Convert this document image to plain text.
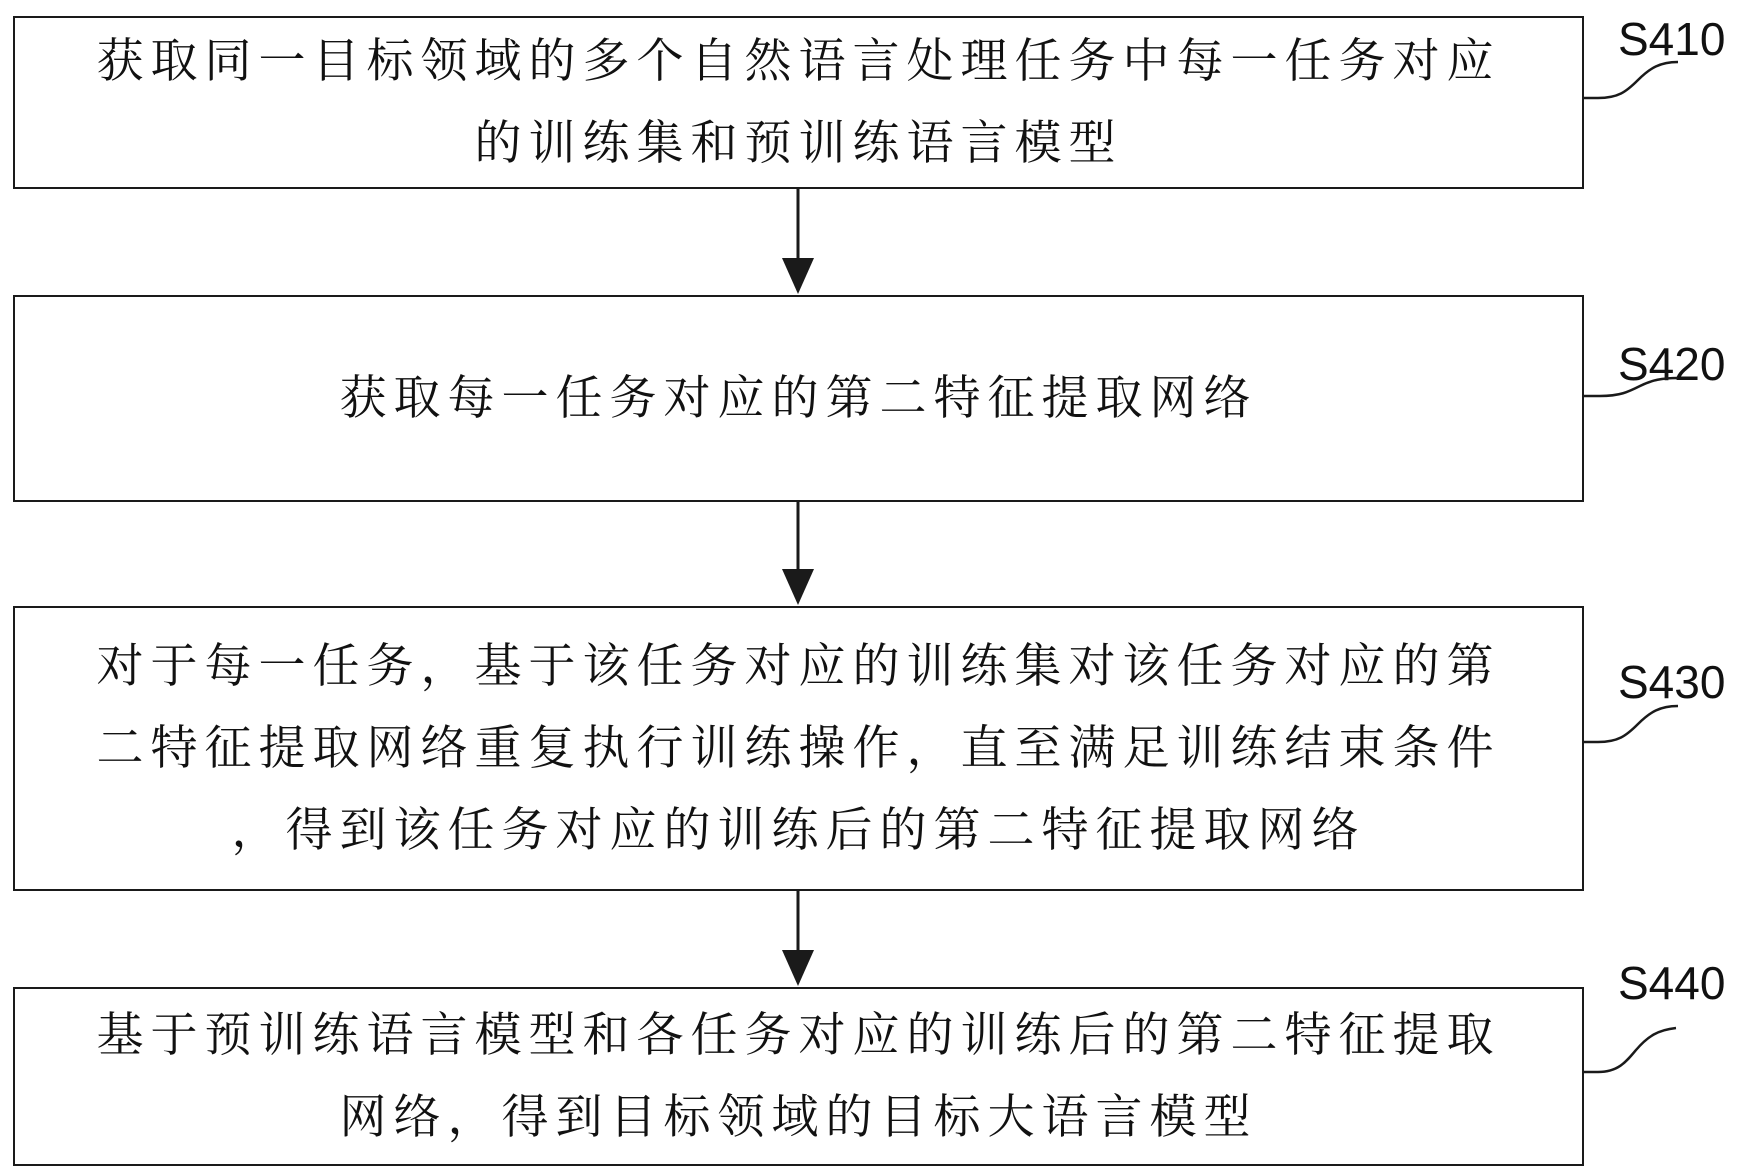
获取同一目标领域的多个自然语言处理任务中每一任务对应
的训练集和预训练语言模型
获取每一任务对应的第二特征提取网络
对于每一任务，基于该任务对应的训练集对该任务对应的第
二特征提取网络重复执行训练操作，直至满足训练结束条件
，得到该任务对应的训练后的第二特征提取网络
基于预训练语言模型和各任务对应的训练后的第二特征提取
网络，得到目标领域的目标大语言模型
S410
S420
S430
S440
